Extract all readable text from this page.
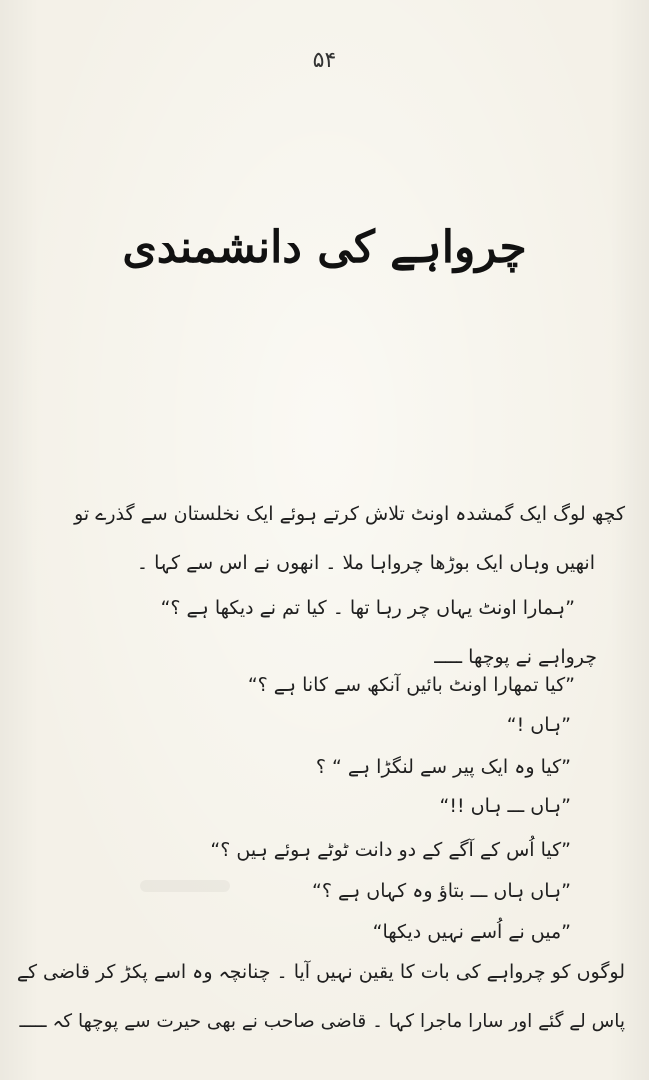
۵۴
چرواہے کی دانشمندی
کچھ لوگ ایک گمشدہ اونٹ تلاش کرتے ہوئے ایک نخلستان سے گذرے تو
انھیں وہاں ایک بوڑھا چرواہا ملا ۔ انھوں نے اس سے کہا ۔
”ہمارا اونٹ یہاں چر رہا تھا ۔ کیا تم نے دیکھا ہے ؟“
چرواہے نے پوچھا ـــــ
”کیا تمھارا اونٹ بائیں آنکھ سے کانا ہے ؟“
”ہاں !“
”کیا وہ ایک پیر سے لنگڑا ہے “ ؟
”ہاں ـــ ہاں !!“
”کیا اُس کے آگے کے دو دانت ٹوٹے ہوئے ہیں ؟“
”ہاں ہاں ـــ بتاؤ وہ کہاں ہے ؟“
”میں نے اُسے نہیں دیکھا“
لوگوں کو چرواہے کی بات کا یقین نہیں آیا ۔ چنانچہ وہ اسے پکڑ کر قاضی کے
پاس لے گئے اور سارا ماجرا کہا ۔ قاضی صاحب نے بھی حیرت سے پوچھا کہ ـــــ
